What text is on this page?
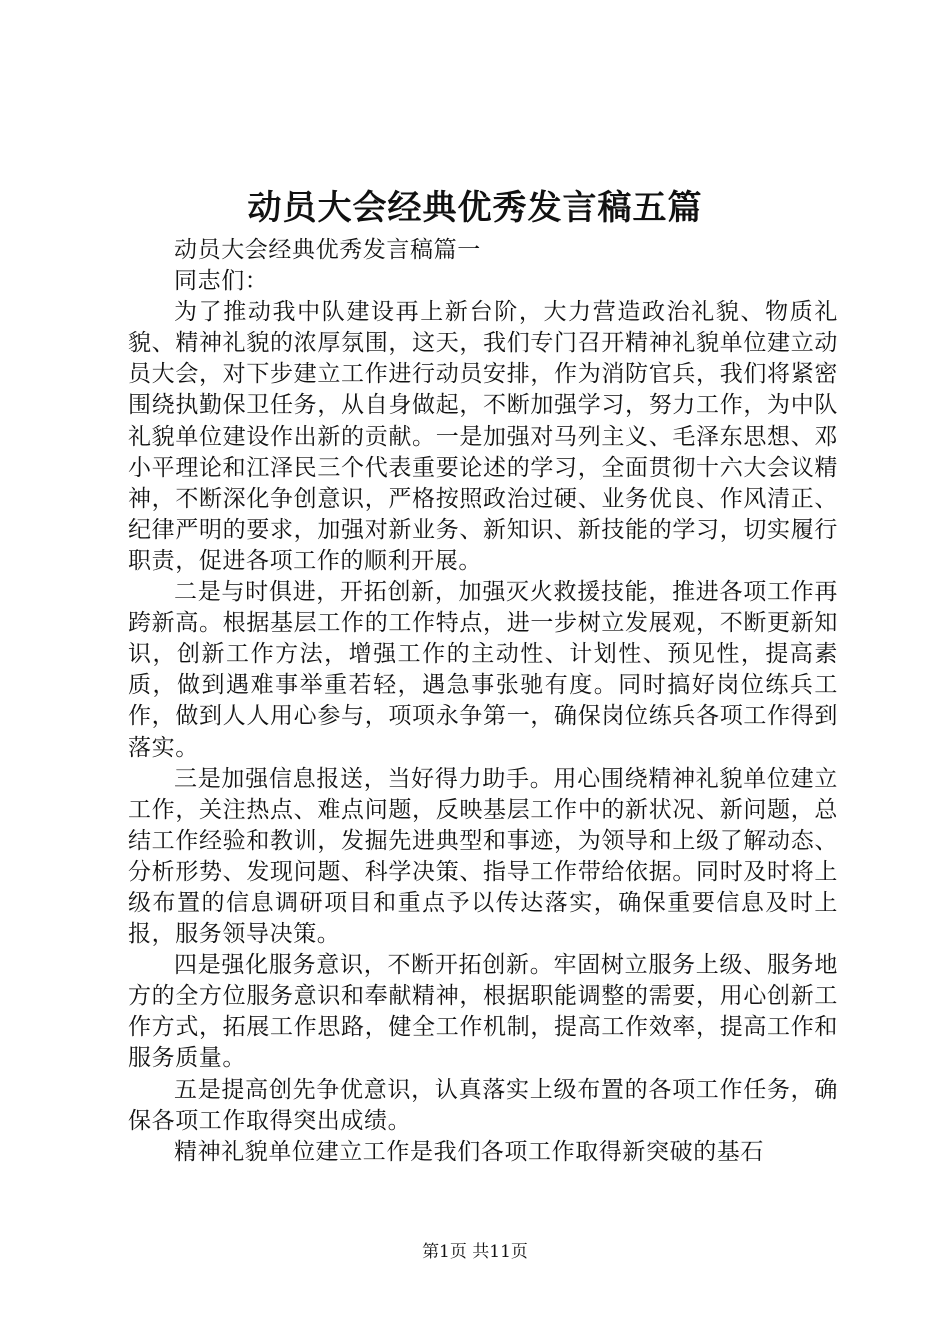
动员大会经典优秀发言稿五篇

动员大会经典优秀发言稿篇一

同志们：

为了推动我中队建设再上新台阶，大力营造政治礼貌、物质礼貌、精神礼貌的浓厚氛围，这天，我们专门召开精神礼貌单位建立动员大会，对下步建立工作进行动员安排，作为消防官兵，我们将紧密围绕执勤保卫任务，从自身做起，不断加强学习，努力工作，为中队礼貌单位建设作出新的贡献。一是加强对马列主义、毛泽东思想、邓小平理论和江泽民三个代表重要论述的学习，全面贯彻十六大会议精神，不断深化争创意识，严格按照政治过硬、业务优良、作风清正、纪律严明的要求，加强对新业务、新知识、新技能的学习，切实履行职责，促进各项工作的顺利开展。

二是与时俱进，开拓创新，加强灭火救援技能，推进各项工作再跨新高。根据基层工作的工作特点，进一步树立发展观，不断更新知识，创新工作方法，增强工作的主动性、计划性、预见性，提高素质，做到遇难事举重若轻，遇急事张驰有度。同时搞好岗位练兵工作，做到人人用心参与，项项永争第一，确保岗位练兵各项工作得到落实。

三是加强信息报送，当好得力助手。用心围绕精神礼貌单位建立工作，关注热点、难点问题，反映基层工作中的新状况、新问题，总结工作经验和教训，发掘先进典型和事迹，为领导和上级了解动态、分析形势、发现问题、科学决策、指导工作带给依据。同时及时将上级布置的信息调研项目和重点予以传达落实，确保重要信息及时上报，服务领导决策。

四是强化服务意识，不断开拓创新。牢固树立服务上级、服务地方的全方位服务意识和奉献精神，根据职能调整的需要，用心创新工作方式，拓展工作思路，健全工作机制，提高工作效率，提高工作和服务质量。

五是提高创先争优意识，认真落实上级布置的各项工作任务，确保各项工作取得突出成绩。

精神礼貌单位建立工作是我们各项工作取得新突破的基石

第1页 共11页
